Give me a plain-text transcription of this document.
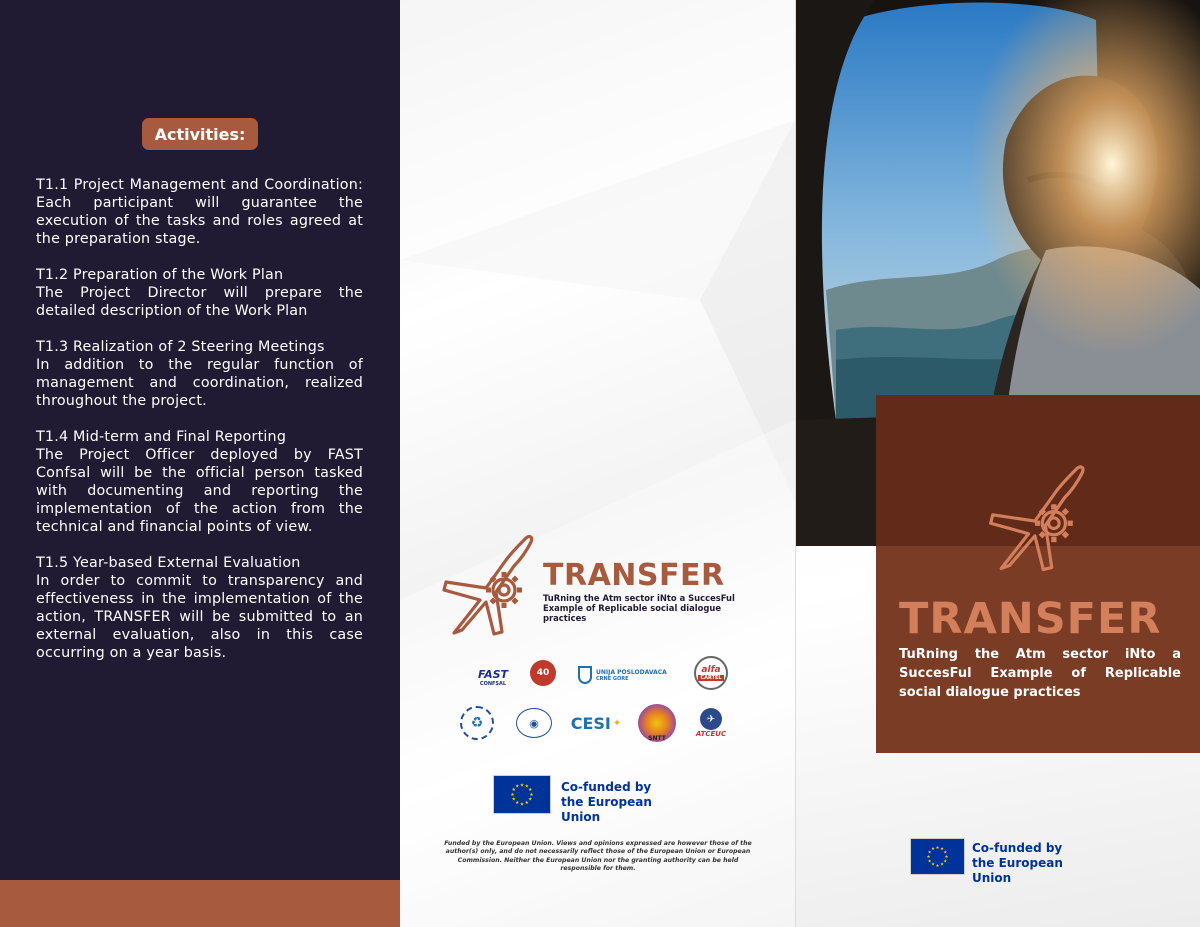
Activities:
T1.1 Project Management and Coordination: Each participant will guarantee the execution of the tasks and roles agreed at the preparation stage.
T1.2 Preparation of the Work Plan
The Project Director will prepare the detailed description of the Work Plan
T1.3 Realization of 2 Steering Meetings
In addition to the regular function of management and coordination, realized throughout the project.
T1.4 Mid-term and Final Reporting
The Project Officer deployed by FAST Confsal will be the official person tasked with documenting and reporting the implementation of the action from the technical and financial points of view.
T1.5 Year-based External Evaluation
In order to commit to transparency and effectiveness in the implementation of the action, TRANSFER will be submitted to an external evaluation, also in this case occurring on a year basis.
TRANSFER
TuRning the Atm sector iNto a SuccesFul Example of Replicable social dialogue practices
FAST
CONFSAL
40	UNIJA POSLODAVACA
CRNE GORE
alfa
CARTEL
♻	◉ CESI ✦
SNTT
✈
ATCEUC
★ ★
★
★
★
★
★
★
★
★
★
★	Co-funded by
the European Union
Funded by the European Union. Views and opinions expressed are however those of the author(s) only, and do not necessarily reflect those of the European Union or European Commission. Neither the European Union nor the granting authority can be held responsible for them.
TRANSFER
TuRning the Atm sector iNto a SuccesFul Example of Replicable social dialogue practices
★ ★
★
★
★
★
★
★
★
★
★
★	Co-funded by
the European Union
